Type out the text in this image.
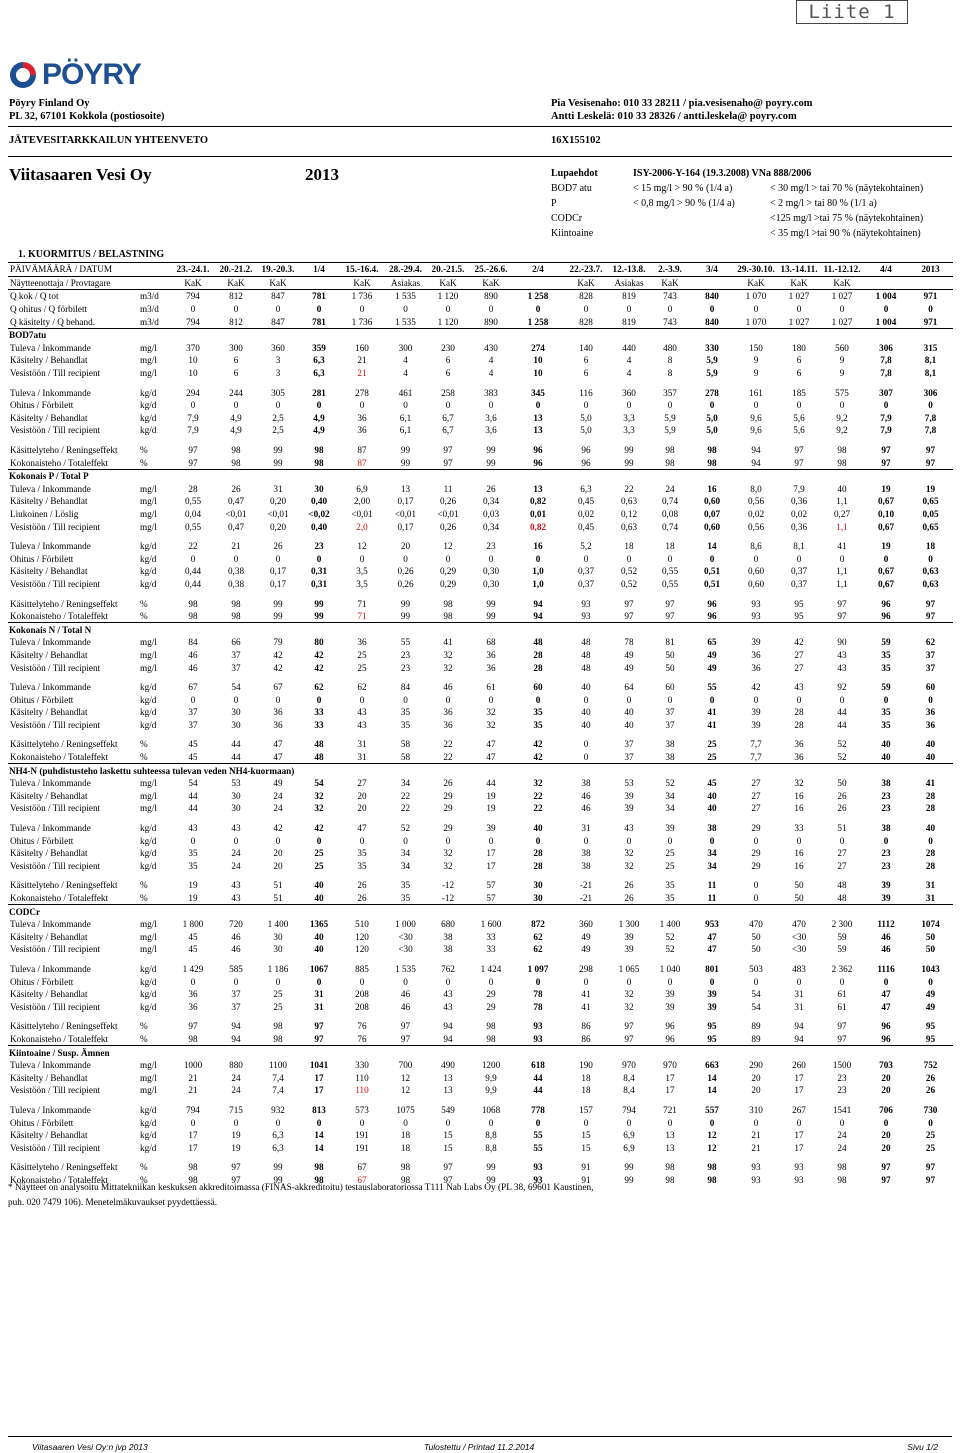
Liite 1
PÖYRY
Pöyry Finland Oy
PL 32, 67101 Kokkola (postiosoite)
Pia Vesisenaho: 010 33 28211 / pia.vesisenaho@ poyry.com
Antti Leskelä: 010 33 28326 / antti.leskela@ poyry.com
JÄTEVESITARKKAILUN YHTEENVETO	16X155102
Viitasaaren Vesi Oy	2013	Lupaehdot	ISY-2006-Y-164 (19.3.2008) VNa 888/2006
BOD7 atu	< 15 mg/l > 90 % (1/4 a)	< 30 mg/l > tai 70 % (näytekohtainen)
P	< 0,8 mg/l > 90 % (1/4 a)	< 2 mg/l > tai 80 % (1/1 a)
CODCr	<125 mg/l >tai 75 % (näytekohtainen)
Kiintoaine	< 35 mg/l >tai 90 % (näytekohtainen)
1. KUORMITUS / BELASTNING
PÄIVÄMÄÄRÄ / DATUM		23.-24.1.	20.-21.2.	19.-20.3.	1/4	15.-16.4.	28.-29.4.	20.-21.5.	25.-26.6.	2/4	22.-23.7.	12.-13.8.	2.-3.9.	3/4	29.-30.10.	13.-14.11.	11.-12.12.	4/4	2013
Näytteenottaja / Provtagare		KaK	KaK	KaK		KaK	Asiakas	KaK	KaK		KaK	Asiakas	KaK		KaK	KaK	KaK		
Q kok / Q tot	m3/d	794	812	847	781	1 736	1 535	1 120	890	1 258	828	819	743	840	1 070	1 027	1 027	1 004	971
Q ohitus / Q förbilett	m3/d	0	0	0	0	0	0	0	0	0	0	0	0	0	0	0	0	0	0
Q käsitelty / Q behand.	m3/d	794	812	847	781	1 736	1 535	1 120	890	1 258	828	819	743	840	1 070	1 027	1 027	1 004	971
BOD7atu																			
Tuleva / Inkommande	mg/l	370	300	360	359	160	300	230	430	274	140	440	480	330	150	180	560	306	315
Käsitelty / Behandlat	mg/l	10	6	3	6,3	21	4	6	4	10	6	4	8	5,9	9	6	9	7,8	8,1
Vesistöön / Till recipient	mg/l	10	6	3	6,3	21	4	6	4	10	6	4	8	5,9	9	6	9	7,8	8,1

Tuleva / Inkommande	kg/d	294	244	305	281	278	461	258	383	345	116	360	357	278	161	185	575	307	306
Ohitus / Förbilett	kg/d	0	0	0	0	0	0	0	0	0	0	0	0	0	0	0	0	0	0
Käsitelty / Behandlat	kg/d	7,9	4,9	2,5	4,9	36	6,1	6,7	3,6	13	5,0	3,3	5,9	5,0	9,6	5,6	9,2	7,9	7,8
Vesistöön / Till recipient	kg/d	7,9	4,9	2,5	4,9	36	6,1	6,7	3,6	13	5,0	3,3	5,9	5,0	9,6	5,6	9,2	7,9	7,8

Käsittelyteho / Reningseffekt	%	97	98	99	98	87	99	97	99	96	96	99	98	98	94	97	98	97	97
Kokonaisteho / Totaleffekt	%	97	98	99	98	87	99	97	99	96	96	99	98	98	94	97	98	97	97
Kokonais P / Total P																			
Tuleva / Inkommande	mg/l	28	26	31	30	6,9	13	11	26	13	6,3	22	24	16	8,0	7,9	40	19	19
Käsitelty / Behandlat	mg/l	0,55	0,47	0,20	0,40	2,00	0,17	0,26	0,34	0,82	0,45	0,63	0,74	0,60	0,56	0,36	1,1	0,67	0,65
Liukoinen / Löslig	mg/l	0,04	<0,01	<0,01	<0,02	<0,01	<0,01	<0,01	0,03	0,01	0,02	0,12	0,08	0,07	0,02	0,02	0,27	0,10	0,05
Vesistöön / Till recipient	mg/l	0,55	0,47	0,20	0,40	2,0	0,17	0,26	0,34	0,82	0,45	0,63	0,74	0,60	0,56	0,36	1,1	0,67	0,65

Tuleva / Inkommande	kg/d	22	21	26	23	12	20	12	23	16	5,2	18	18	14	8,6	8,1	41	19	18
Ohitus / Förbilett	kg/d	0	0	0	0	0	0	0	0	0	0	0	0	0	0	0	0	0	0
Käsitelty / Behandlat	kg/d	0,44	0,38	0,17	0,31	3,5	0,26	0,29	0,30	1,0	0,37	0,52	0,55	0,51	0,60	0,37	1,1	0,67	0,63
Vesistöön / Till recipient	kg/d	0,44	0,38	0,17	0,31	3,5	0,26	0,29	0,30	1,0	0,37	0,52	0,55	0,51	0,60	0,37	1,1	0,67	0,63

Käsittelyteho / Reningseffekt	%	98	98	99	99	71	99	98	99	94	93	97	97	96	93	95	97	96	97
Kokonaisteho / Totaleffekt	%	98	98	99	99	71	99	98	99	94	93	97	97	96	93	95	97	96	97
Kokonais N / Total N																			
Tuleva / Inkommande	mg/l	84	66	79	80	36	55	41	68	48	48	78	81	65	39	42	90	59	62
Käsitelty / Behandlat	mg/l	46	37	42	42	25	23	32	36	28	48	49	50	49	36	27	43	35	37
Vesistöön / Till recipient	mg/l	46	37	42	42	25	23	32	36	28	48	49	50	49	36	27	43	35	37

Tuleva / Inkommande	kg/d	67	54	67	62	62	84	46	61	60	40	64	60	55	42	43	92	59	60
Ohitus / Förbilett	kg/d	0	0	0	0	0	0	0	0	0	0	0	0	0	0	0	0	0	0
Käsitelty / Behandlat	kg/d	37	30	36	33	43	35	36	32	35	40	40	37	41	39	28	44	35	36
Vesistöön / Till recipient	kg/d	37	30	36	33	43	35	36	32	35	40	40	37	41	39	28	44	35	36

Käsittelyteho / Reningseffekt	%	45	44	47	48	31	58	22	47	42	0	37	38	25	7,7	36	52	40	40
Kokonaisteho / Totaleffekt	%	45	44	47	48	31	58	22	47	42	0	37	38	25	7,7	36	52	40	40
NH4-N (puhdistusteho laskettu suhteessa tulevan veden NH4-kuormaan)																			
Tuleva / Inkommande	mg/l	54	53	49	54	27	34	26	44	32	38	53	52	45	27	32	50	38	41
Käsitelty / Behandlat	mg/l	44	30	24	32	20	22	29	19	22	46	39	34	40	27	16	26	23	28
Vesistöön / Till recipient	mg/l	44	30	24	32	20	22	29	19	22	46	39	34	40	27	16	26	23	28

Tuleva / Inkommande	kg/d	43	43	42	42	47	52	29	39	40	31	43	39	38	29	33	51	38	40
Ohitus / Förbilett	kg/d	0	0	0	0	0	0	0	0	0	0	0	0	0	0	0	0	0	0
Käsitelty / Behandlat	kg/d	35	24	20	25	35	34	32	17	28	38	32	25	34	29	16	27	23	28
Vesistöön / Till recipient	kg/d	35	24	20	25	35	34	32	17	28	38	32	25	34	29	16	27	23	28

Käsittelyteho / Reningseffekt	%	19	43	51	40	26	35	-12	57	30	-21	26	35	11	0	50	48	39	31
Kokonaisteho / Totaleffekt	%	19	43	51	40	26	35	-12	57	30	-21	26	35	11	0	50	48	39	31
CODCr																			
Tuleva / Inkommande	mg/l	1 800	720	1 400	1365	510	1 000	680	1 600	872	360	1 300	1 400	953	470	470	2 300	1112	1074
Käsitelty / Behandlat	mg/l	45	46	30	40	120	<30	38	33	62	49	39	52	47	50	<30	59	46	50
Vesistöön / Till recipient	mg/l	45	46	30	40	120	<30	38	33	62	49	39	52	47	50	<30	59	46	50

Tuleva / Inkommande	kg/d	1 429	585	1 186	1067	885	1 535	762	1 424	1 097	298	1 065	1 040	801	503	483	2 362	1116	1043
Ohitus / Förbilett	kg/d	0	0	0	0	0	0	0	0	0	0	0	0	0	0	0	0	0	0
Käsitelty / Behandlat	kg/d	36	37	25	31	208	46	43	29	78	41	32	39	39	54	31	61	47	49
Vesistöön / Till recipient	kg/d	36	37	25	31	208	46	43	29	78	41	32	39	39	54	31	61	47	49

Käsittelyteho / Reningseffekt	%	97	94	98	97	76	97	94	98	93	86	97	96	95	89	94	97	96	95
Kokonaisteho / Totaleffekt	%	98	94	98	97	76	97	94	98	93	86	97	96	95	89	94	97	96	95
Kiintoaine / Susp. Ämnen																			
Tuleva / Inkommande	mg/l	1000	880	1100	1041	330	700	490	1200	618	190	970	970	663	290	260	1500	703	752
Käsitelty / Behandlat	mg/l	21	24	7,4	17	110	12	13	9,9	44	18	8,4	17	14	20	17	23	20	26
Vesistöön / Till recipient	mg/l	21	24	7,4	17	110	12	13	9,9	44	18	8,4	17	14	20	17	23	20	26

Tuleva / Inkommande	kg/d	794	715	932	813	573	1075	549	1068	778	157	794	721	557	310	267	1541	706	730
Ohitus / Förbilett	kg/d	0	0	0	0	0	0	0	0	0	0	0	0	0	0	0	0	0	0
Käsitelty / Behandlat	kg/d	17	19	6,3	14	191	18	15	8,8	55	15	6,9	13	12	21	17	24	20	25
Vesistöön / Till recipient	kg/d	17	19	6,3	14	191	18	15	8,8	55	15	6,9	13	12	21	17	24	20	25

Käsittelyteho / Reningseffekt	%	98	97	99	98	67	98	97	99	93	91	99	98	98	93	93	98	97	97
Kokonaisteho / Totaleffekt	%	98	97	99	98	67	98	97	99	93	91	99	98	98	93	93	98	97	97
* Näytteet on analysoitu Mittatekniikan keskuksen akkreditoimassa (FINAS-akkreditoitu) testauslaboratoriossa T111 Nab Labs Oy (PL 38, 69601 Kaustinen,
puh. 020 7479 106). Menetelmäkuvaukset pyydettäessä.
Viitasaaren Vesi Oy:n jvp 2013	Tulostettu / Printad 11.2.2014	Sivu 1/2
